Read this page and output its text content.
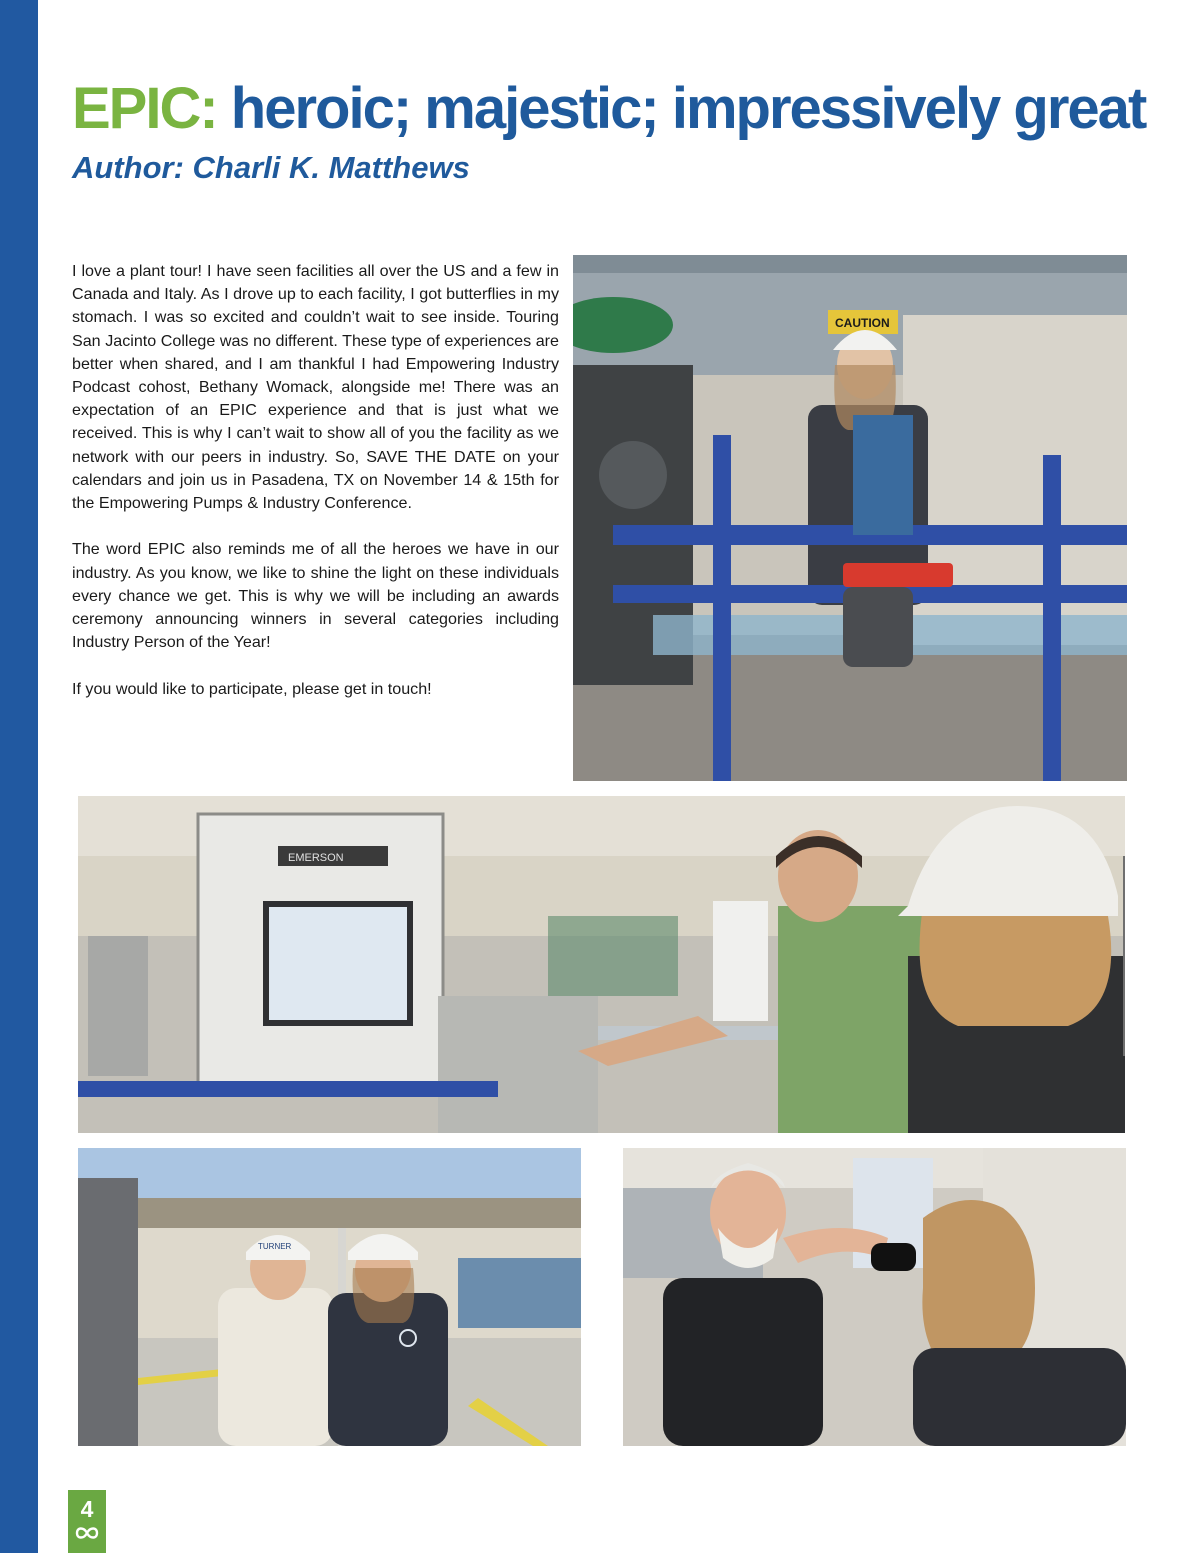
EPIC: heroic; majestic; impressively great
Author: Charli K. Matthews

I love a plant tour! I have seen facilities all over the US and a few in Canada and Italy. As I drove up to each facility, I got butterflies in my stomach. I was so excited and couldn’t wait to see inside. Touring San Jacinto College was no different. These type of experiences are better when shared, and I am thankful I had Empowering Industry Podcast cohost, Bethany Womack, alongside me! There was an expectation of an EPIC experience and that is just what we received. This is why I can’t wait to show all of you the facility as we network with our peers in industry. So, SAVE THE DATE on your calendars and join us in Pasadena, TX on November 14 & 15th for the Empowering Pumps & Industry Conference.

The word EPIC also reminds me of all the heroes we have in our industry. As you know, we like to shine the light on these individuals every chance we get. This is why we will be including an awards ceremony announcing winners in several categories including Industry Person of the Year!

If you would like to participate, please get in touch!

CAUTION
EMERSON
TURNER
4
